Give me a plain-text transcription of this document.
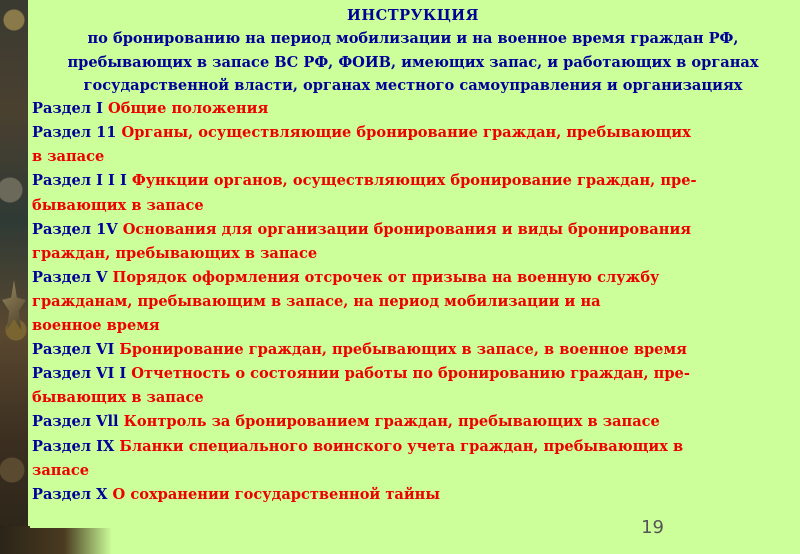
ИНСТРУКЦИЯ
по бронированию на период мобилизации и на военное время граждан РФ,
пребывающих в запасе ВС РФ, ФОИВ, имеющих запас, и работающих в органах
государственной власти, органах местного самоуправления и организациях
Раздел I Общие положения
Раздел 11 Органы, осуществляющие бронирование граждан, пребывающих
в запасе
Раздел I I I Функции органов, осуществляющих бронирование граждан, пре-
бывающих в запасе
Раздел 1V Основания для организации бронирования и виды бронирования
граждан, пребывающих в запасе
Раздел V Порядок оформления отсрочек от призыва на военную службу
гражданам, пребывающим в запасе, на период мобилизации и на
военное время
Раздел VI Бронирование граждан, пребывающих в запасе, в военное время
Раздел VI I Отчетность о состоянии работы по бронированию граждан, пре-
бывающих в запасе
Раздел Vll Контроль за бронированием граждан, пребывающих в запасе
Раздел IX Бланки специального воинского учета граждан, пребывающих в
запасе
Раздел X О сохранении государственной тайны
19
